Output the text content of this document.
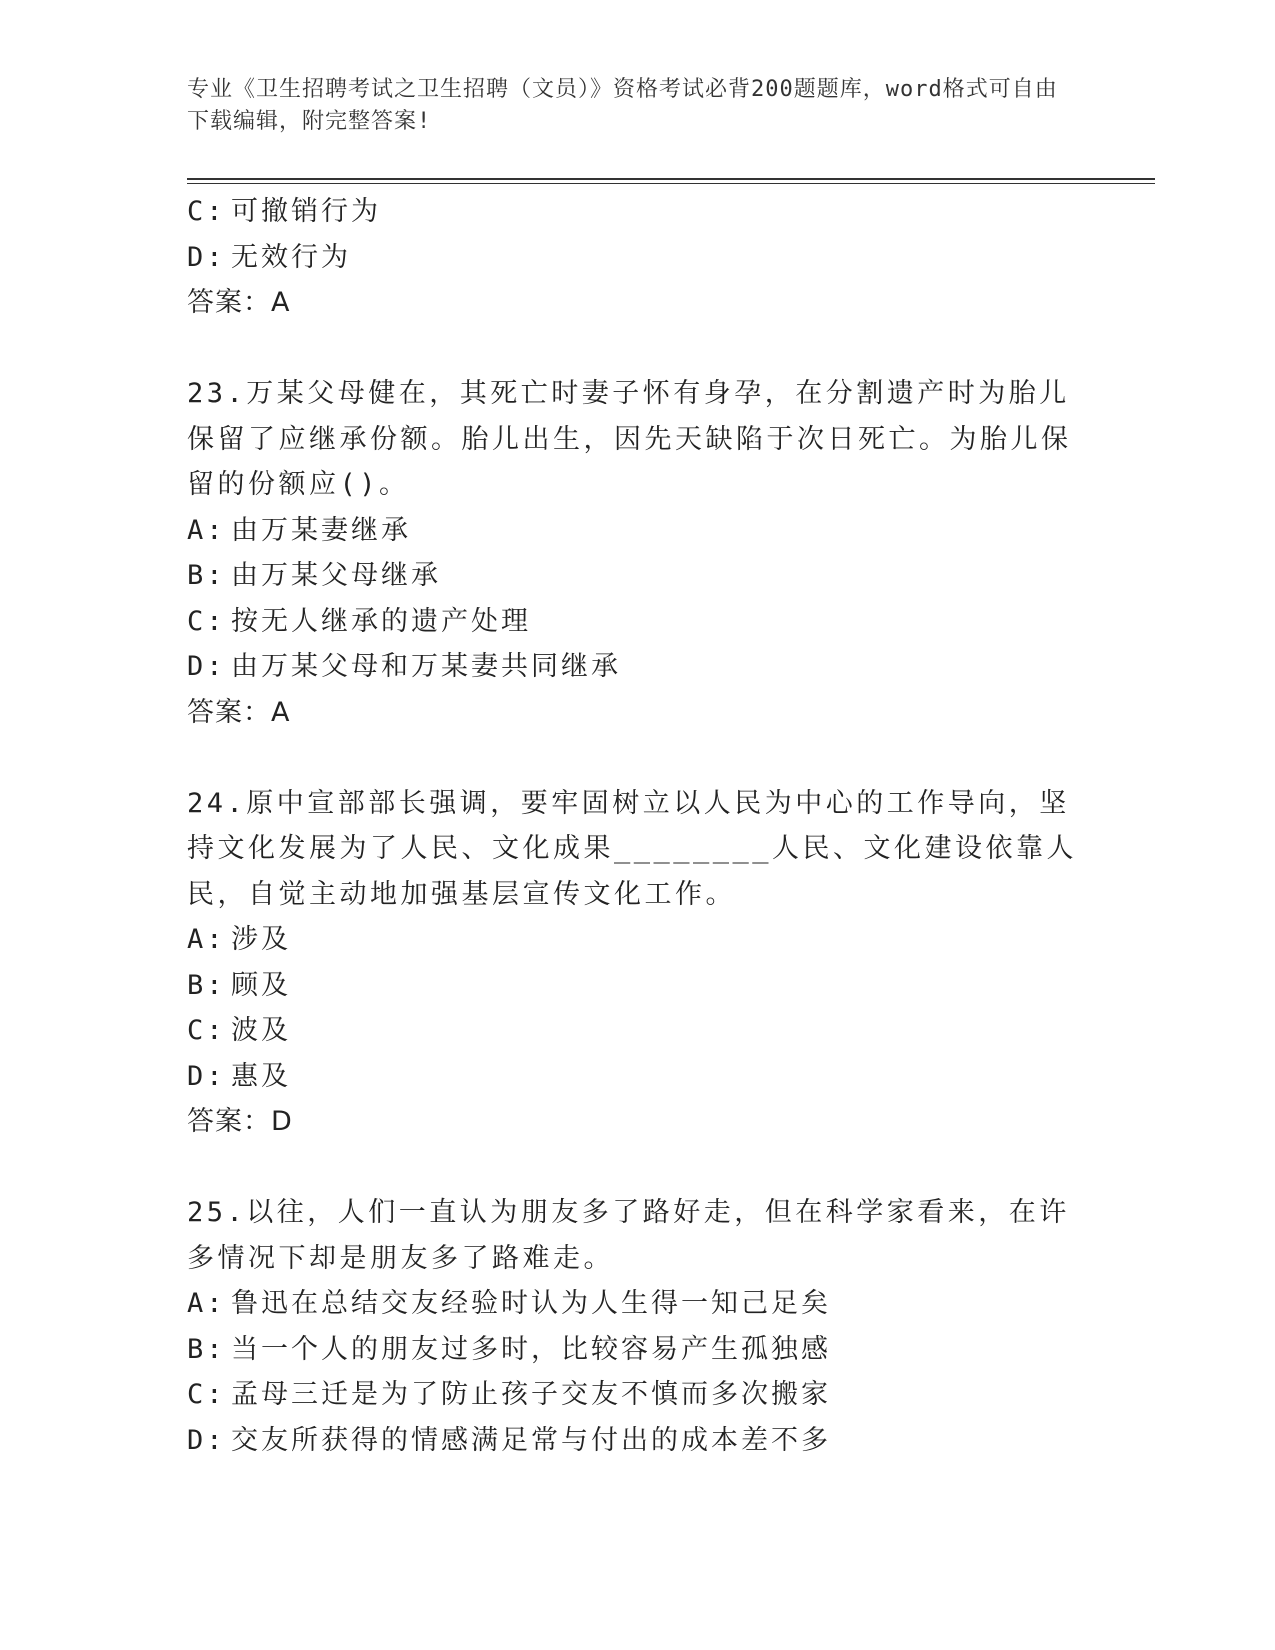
专业《卫生招聘考试之卫生招聘（文员）》资格考试必背200题题库，word格式可自由下载编辑，附完整答案!

C: 可撤销行为

D: 无效行为

答案：A

23.万某父母健在，其死亡时妻子怀有身孕，在分割遗产时为胎儿保留了应继承份额。胎儿出生，因先天缺陷于次日死亡。为胎儿保留的份额应()。

A: 由万某妻继承

B: 由万某父母继承

C: 按无人继承的遗产处理

D: 由万某父母和万某妻共同继承

答案：A

24.原中宣部部长强调，要牢固树立以人民为中心的工作导向，坚持文化发展为了人民、文化成果________人民、文化建设依靠人民，自觉主动地加强基层宣传文化工作。

A: 涉及

B: 顾及

C: 波及

D: 惠及

答案：D

25.以往，人们一直认为朋友多了路好走，但在科学家看来，在许多情况下却是朋友多了路难走。

A: 鲁迅在总结交友经验时认为人生得一知己足矣

B: 当一个人的朋友过多时，比较容易产生孤独感

C: 孟母三迁是为了防止孩子交友不慎而多次搬家

D: 交友所获得的情感满足常与付出的成本差不多
